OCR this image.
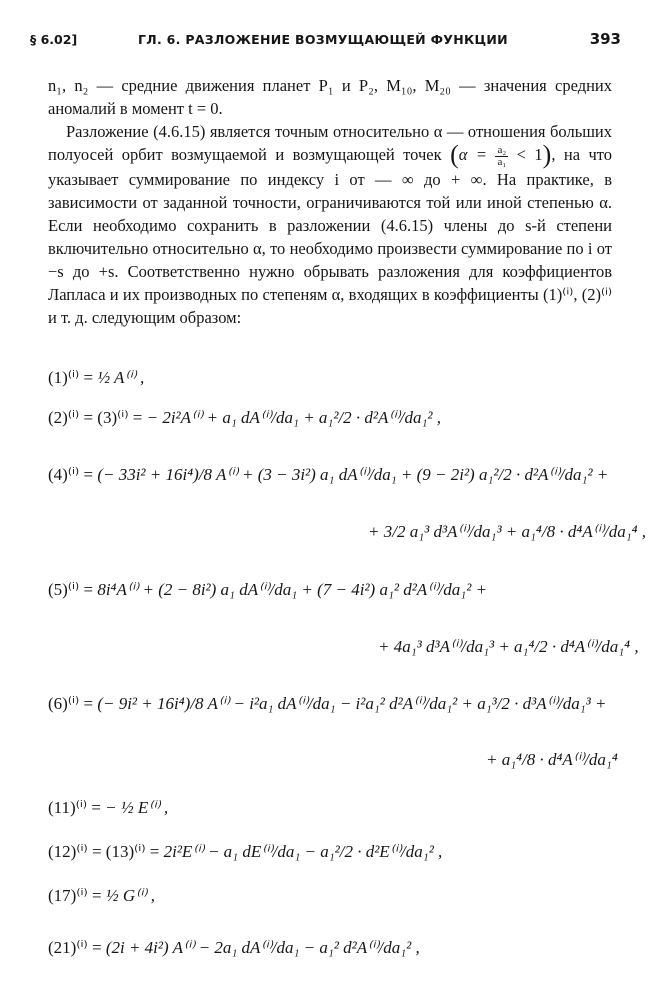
§ 6.02]	ГЛ. 6. РАЗЛОЖЕНИЕ ВОЗМУЩАЮЩЕЙ ФУНКЦИИ	393
n₁, n₂ — средние движения планет P₁ и P₂, M₁₀, M₂₀ — значения средних аномалий в момент t = 0.
Разложение (4.6.15) является точным относительно α — отношения больших полуосей орбит возмущаемой и возмущающей точек $(\alpha = \frac{\text{a₂}}{\text{a₁}} < 1)$, на что указывает суммирование по индексу i от — ∞ до + ∞. На практике, в зависимости от заданной точности, ограничиваются той или иной степенью α. Если необходимо сохранить в разложении (4.6.15) члены до s-й степени включительно относительно α, то необходимо произвести суммирование по i от −s до +s. Соответственно нужно обрывать разложения для коэффициентов Лапласа и их производных по степеням α, входящих в коэффициенты (1)⁽ⁱ⁾, (2)⁽ⁱ⁾ и т. д. следующим образом:
(1)⁽ⁱ⁾ = ½ A⁽ⁱ⁾ ,
(2)⁽ⁱ⁾ = (3)⁽ⁱ⁾ = − 2i²A⁽ⁱ⁾ + a₁ dA⁽ⁱ⁾/da₁ + a₁²/2 · d²A⁽ⁱ⁾/da₁² ,
(4)⁽ⁱ⁾ = (− 33i² + 16i⁴)/8 A⁽ⁱ⁾ + (3 − 3i²) a₁ dA⁽ⁱ⁾/da₁ + (9 − 2i²) a₁²/2 · d²A⁽ⁱ⁾/da₁² +
+ 3/2 a₁³ d³A⁽ⁱ⁾/da₁³ + a₁⁴/8 · d⁴A⁽ⁱ⁾/da₁⁴ ,
(5)⁽ⁱ⁾ = 8i⁴A⁽ⁱ⁾ + (2 − 8i²) a₁ dA⁽ⁱ⁾/da₁ + (7 − 4i²) a₁² d²A⁽ⁱ⁾/da₁² +
+ 4a₁³ d³A⁽ⁱ⁾/da₁³ + a₁⁴/2 · d⁴A⁽ⁱ⁾/da₁⁴ ,
(6)⁽ⁱ⁾ = (− 9i² + 16i⁴)/8 A⁽ⁱ⁾ − i²a₁ dA⁽ⁱ⁾/da₁ − i²a₁² d²A⁽ⁱ⁾/da₁² + a₁³/2 · d³A⁽ⁱ⁾/da₁³ +
+ a₁⁴/8 · d⁴A⁽ⁱ⁾/da₁⁴
(11)⁽ⁱ⁾ = − ½ E⁽ⁱ⁾ ,
(12)⁽ⁱ⁾ = (13)⁽ⁱ⁾ = 2i²E⁽ⁱ⁾ − a₁ dE⁽ⁱ⁾/da₁ − a₁²/2 · d²E⁽ⁱ⁾/da₁² ,
(17)⁽ⁱ⁾ = ½ G⁽ⁱ⁾ ,
(21)⁽ⁱ⁾ = (2i + 4i²) A⁽ⁱ⁾ − 2a₁ dA⁽ⁱ⁾/da₁ − a₁² d²A⁽ⁱ⁾/da₁² ,
